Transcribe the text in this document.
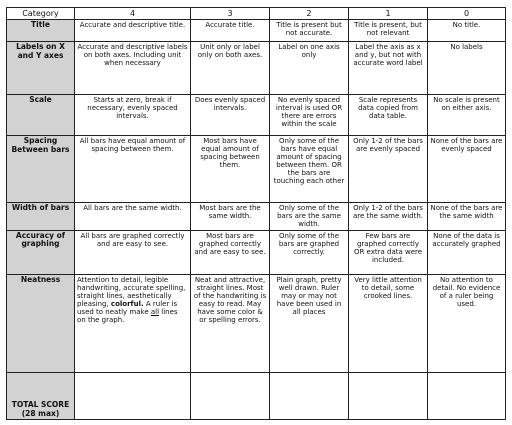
Category	4	3	2	1	0
Title	Accurate and descriptive title.	Accurate title.	Title is present but not accurate.	Title is present, but not relevant	No title.
Labels on X and Y axes	Accurate and descriptive labels on both axes. Including unit when necessary	Unit only or label only on both axes.	Label on one axis only	Label the axis as x and y, but not with accurate word label	No labels
Scale	Starts at zero, break if necessary, evenly spaced intervals.	Does evenly spaced intervals.	No evenly spaced interval is used OR there are errors within the scale	Scale represents data copied from data table.	No scale is present on either axis.
Spacing Between bars	All bars have equal amount of spacing between them.	Most bars have equal amount of spacing between them.	Only some of the bars have equal amount of spacing between them. OR the bars are touching each other	Only 1-2 of the bars are evenly spaced	None of the bars are evenly spaced
Width of bars	All bars are the same width.	Most bars are the same width.	Only some of the bars are the same width.	Only 1-2 of the bars are the same width.	None of the bars are the same width
Accuracy of graphing	All bars are graphed correctly and are easy to see.	Most bars are graphed correctly and are easy to see.	Only some of the bars are graphed correctly.	Few bars are graphed correctly OR extra data were included.	None of the data is accurately graphed
Neatness	Attention to detail, legible handwriting, accurate spelling, straight lines, aesthetically pleasing, colorful. A ruler is used to neatly make all lines on the graph.	Neat and attractive, straight lines. Most of the handwriting is easy to read. May have some color & or spelling errors.	Plain graph, pretty well drawn. Ruler may or may not have been used in all places	Very little attention to detail, some crooked lines.	No attention to detail. No evidence of a ruler being used.
TOTAL SCORE (28 max)					
